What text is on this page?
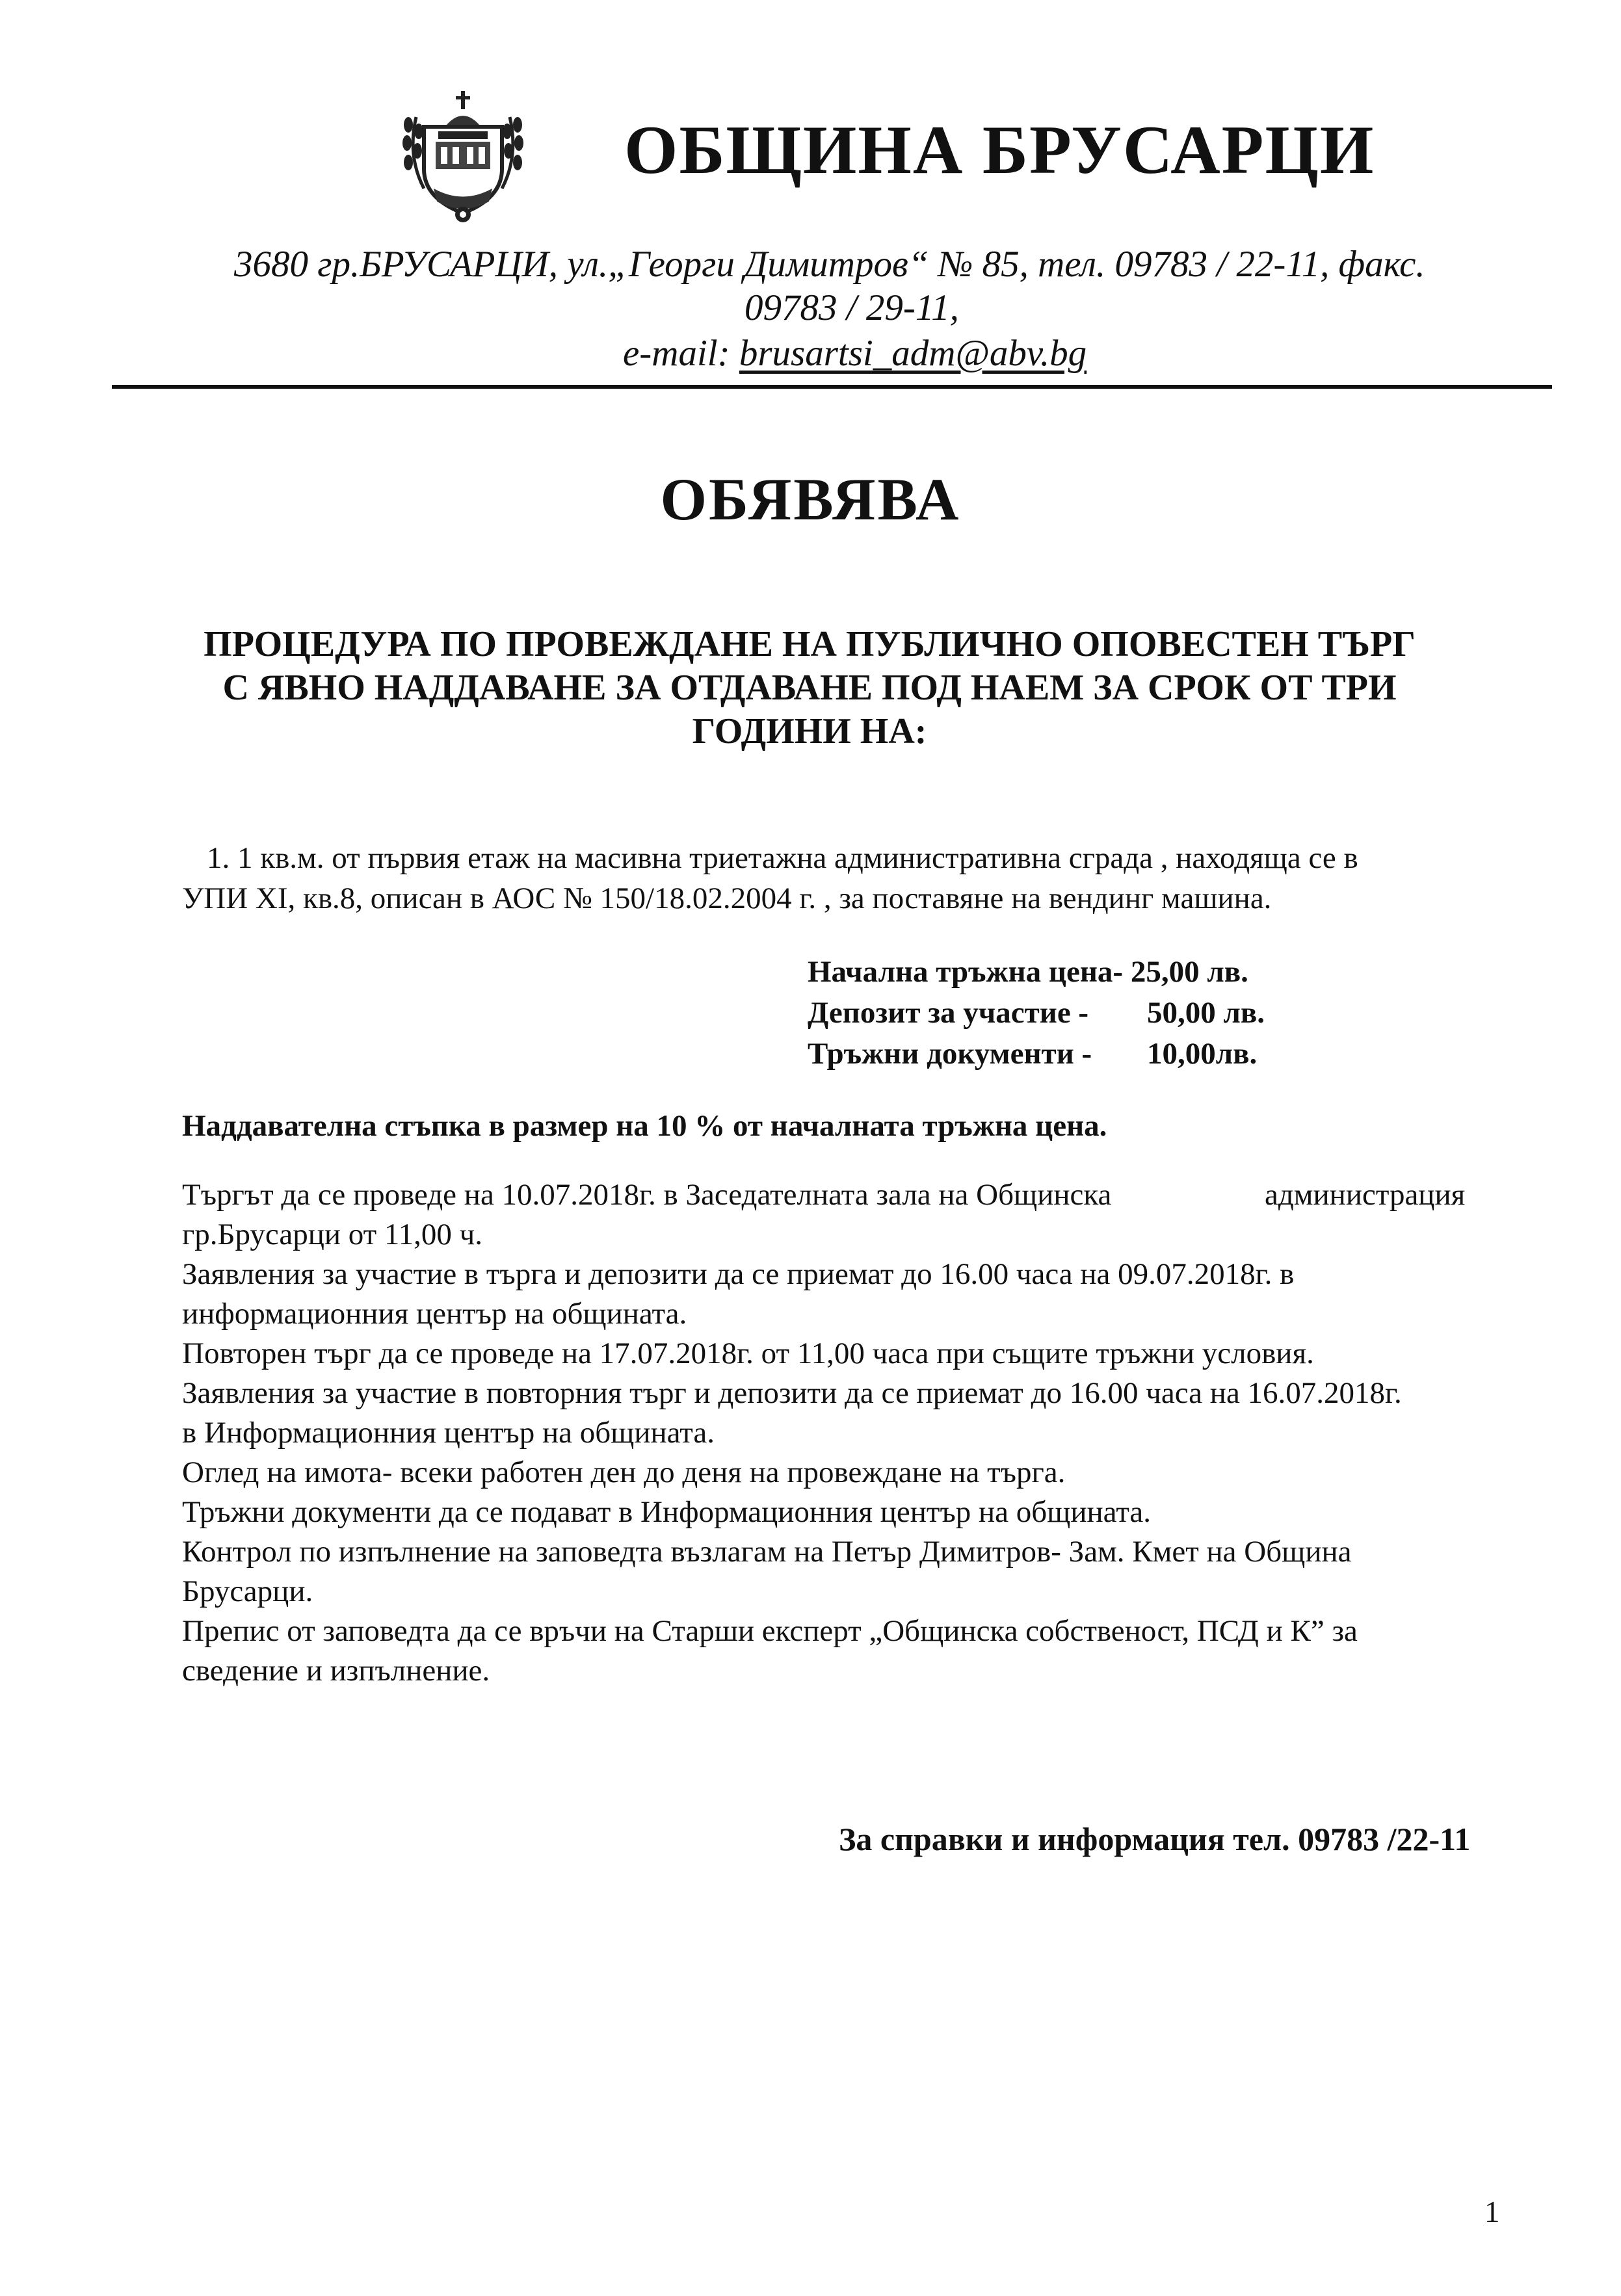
ОБЩИНА БРУСАРЦИ
3680 гр.БРУСАРЦИ, ул.„Георги Димитров“ № 85, тел. 09783 / 22-11, факс.
09783 / 29-11,
e-mail: brusartsi_adm@abv.bg
ОБЯВЯВА
ПРОЦЕДУРА ПО ПРОВЕЖДАНЕ НА ПУБЛИЧНО ОПОВЕСТЕН ТЪРГ С ЯВНО НАДДАВАНЕ ЗА ОТДАВАНЕ ПОД НАЕМ ЗА СРОК ОТ ТРИ ГОДИНИ НА:
1. 1 кв.м. от първия етаж на масивна триетажна административна сграда , находяща се в
УПИ XI, кв.8, описан в АОС № 150/18.02.2004 г. , за поставяне на вендинг машина.
Начална тръжна цена- 25,00 лв.
Депозит за участие - 50,00 лв.
Тръжни документи - 10,00лв.
Наддавателна стъпка в размер на 10 % от началната тръжна цена.
Търгът да се проведе на 10.07.2018г. в Заседателната зала на Общинска	администрация
гр.Брусарци от 11,00 ч.
Заявления за участие в търга и депозити да се приемат до 16.00 часа на 09.07.2018г. в
информационния център на общината.
Повторен търг да се проведе на 17.07.2018г. от 11,00 часа при същите тръжни условия.
Заявления за участие в повторния търг и депозити да се приемат до 16.00 часа на 16.07.2018г.
в Информационния център на общината.
Оглед на имота- всеки работен ден до деня на провеждане на търга.
Тръжни документи да се подават в Информационния център на общината.
Контрол по изпълнение на заповедта възлагам на Петър Димитров- Зам. Кмет на Община
Брусарци.
Препис от заповедта да се връчи на Старши експерт „Общинска собственост, ПСД и К” за
сведение и изпълнение.
За справки и информация тел. 09783 /22-11
1
